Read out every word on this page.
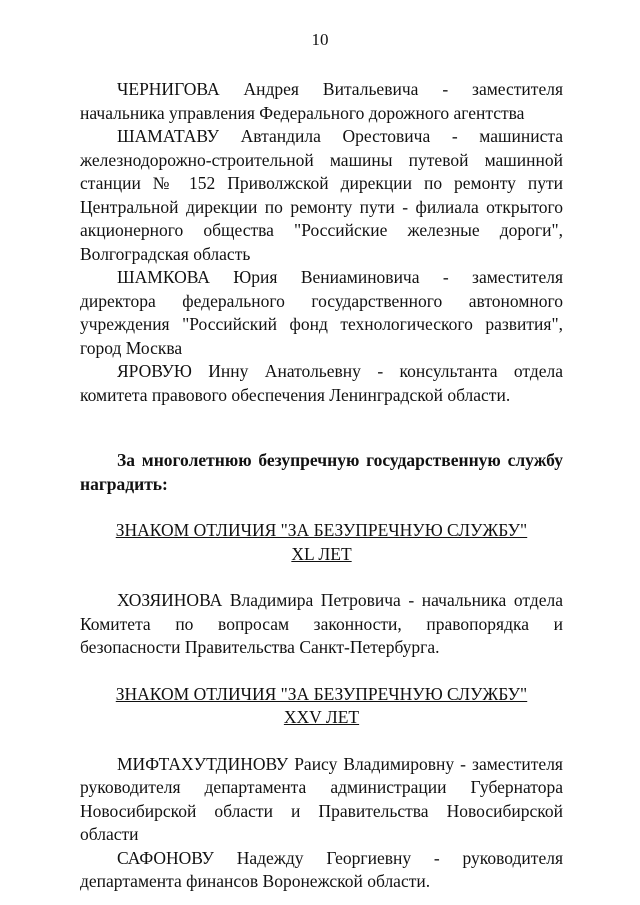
10

ЧЕРНИГОВА Андрея Витальевича - заместителя начальника управления Федерального дорожного агентства

ШАМАТАВУ Автандила Орестовича - машиниста железнодорожно-строительной машины путевой машинной станции № 152 Приволжской дирекции по ремонту пути Центральной дирекции по ремонту пути - филиала открытого акционерного общества "Российские железные дороги", Волгоградская область

ШАМКОВА Юрия Вениаминовича - заместителя директора федерального государственного автономного учреждения "Российский фонд технологического развития", город Москва

ЯРОВУЮ Инну Анатольевну - консультанта отдела комитета правового обеспечения Ленинградской области.

За многолетнюю безупречную государственную службу наградить:

ЗНАКОМ ОТЛИЧИЯ "ЗА БЕЗУПРЕЧНУЮ СЛУЖБУ"
XL ЛЕТ

ХОЗЯИНОВА Владимира Петровича - начальника отдела Комитета по вопросам законности, правопорядка и безопасности Правительства Санкт-Петербурга.

ЗНАКОМ ОТЛИЧИЯ "ЗА БЕЗУПРЕЧНУЮ СЛУЖБУ"
XXV ЛЕТ

МИФТАХУТДИНОВУ Раису Владимировну - заместителя руководителя департамента администрации Губернатора Новосибирской области и Правительства Новосибирской области

САФОНОВУ Надежду Георгиевну - руководителя департамента финансов Воронежской области.
